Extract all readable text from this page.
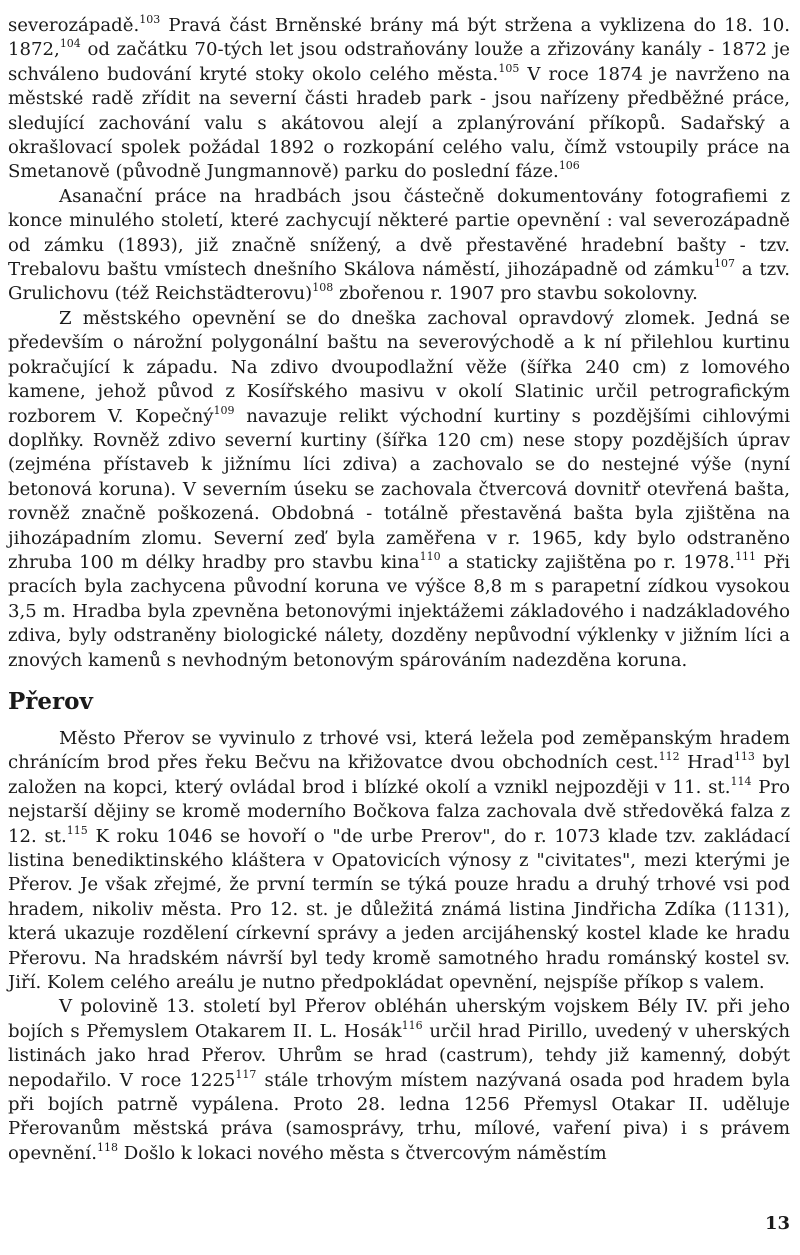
severozápadě.$^{103}$ Pravá část Brněnské brány má být stržena a vyklizena do 18. 10. 1872,$^{104}$ od začátku 70-tých let jsou odstraňovány louže a zřizovány kanály - 1872 je schváleno budování kryté stoky okolo celého města.$^{105}$ V roce 1874 je navrženo na městské radě zřídit na severní části hradeb park - jsou nařízeny předběžné práce, sledující zachování valu s akátovou alejí a zplanýrování příkopů. Sadařský a okrašlovací spolek požádal 1892 o rozkopání celého valu, čímž vstoupily práce na Smetanově (původně Jungmannově) parku do poslední fáze.$^{106}$

Asanační práce na hradbách jsou částečně dokumentovány fotografiemi z konce minulého století, které zachycují některé partie opevnění : val severozápadně od zámku (1893), již značně snížený, a dvě přestavěné hradební bašty - tzv. Trebalovu baštu vmístech dnešního Skálova náměstí, jihozápadně od zámku$^{107}$ a tzv. Grulichovu (též Reichstädterovu)$^{108}$ zbořenou r. 1907 pro stavbu sokolovny.

Z městského opevnění se do dneška zachoval opravdový zlomek. Jedná se především o nárožní polygonální baštu na severovýchodě a k ní přilehlou kurtinu pokračující k západu. Na zdivo dvoupodlažní věže (šířka 240 cm) z lomového kamene, jehož původ z Kosířského masivu v okolí Slatinic určil petrografickým rozborem V. Kopečný$^{109}$ navazuje relikt východní kurtiny s pozdějšími cihlovými doplňky. Rovněž zdivo severní kurtiny (šířka 120 cm) nese stopy pozdějších úprav (zejména přístaveb k jižnímu líci zdiva) a zachovalo se do nestejné výše (nyní betonová koruna). V severním úseku se zachovala čtvercová dovnitř otevřená bašta, rovněž značně poškozená. Obdobná - totálně přestavěná bašta byla zjištěna na jihozápadním zlomu. Severní zeď byla zaměřena v r. 1965, kdy bylo odstraněno zhruba 100 m délky hradby pro stavbu kina$^{110}$ a staticky zajištěna po r. 1978.$^{111}$ Při pracích byla zachycena původní koruna ve výšce 8,8 m s parapetní zídkou vysokou 3,5 m. Hradba byla zpevněna betonovými injektážemi základového i nadzákladového zdiva, byly odstraněny biologické nálety, dozděny nepůvodní výklenky v jižním líci a znových kamenů s nevhodným betonovým spárováním nadezděna koruna.

Přerov

Město Přerov se vyvinulo z trhové vsi, která ležela pod zeměpanským hradem chránícím brod přes řeku Bečvu na křižovatce dvou obchodních cest.$^{112}$ Hrad$^{113}$ byl založen na kopci, který ovládal brod i blízké okolí a vznikl nejpozději v 11. st.$^{114}$ Pro nejstarší dějiny se kromě moderního Bočkova falza zachovala dvě středověká falza z 12. st.$^{115}$ K roku 1046 se hovoří o "de urbe Prerov", do r. 1073 klade tzv. zakládací listina benediktinského kláštera v Opatovicích výnosy z "civitates", mezi kterými je Přerov. Je však zřejmé, že první termín se týká pouze hradu a druhý trhové vsi pod hradem, nikoliv města. Pro 12. st. je důležitá známá listina Jindřicha Zdíka (1131), která ukazuje rozdělení církevní správy a jeden arcijáhenský kostel klade ke hradu Přerovu. Na hradském návrší byl tedy kromě samotného hradu románský kostel sv. Jiří. Kolem celého areálu je nutno předpokládat opevnění, nejspíše příkop s valem.

V polovině 13. století byl Přerov obléhán uherským vojskem Bély IV. při jeho bojích s Přemyslem Otakarem II. L. Hosák$^{116}$ určil hrad Pirillo, uvedený v uherských listinách jako hrad Přerov. Uhrům se hrad (castrum), tehdy již kamenný, dobýt nepodařilo. V roce 1225$^{117}$ stále trhovým místem nazývaná osada pod hradem byla při bojích patrně vypálena. Proto 28. ledna 1256 Přemysl Otakar II. uděluje Přerovanům městská práva (samosprávy, trhu, mílové, vaření piva) i s právem opevnění.$^{118}$ Došlo k lokaci nového města s čtvercovým náměstím

13
